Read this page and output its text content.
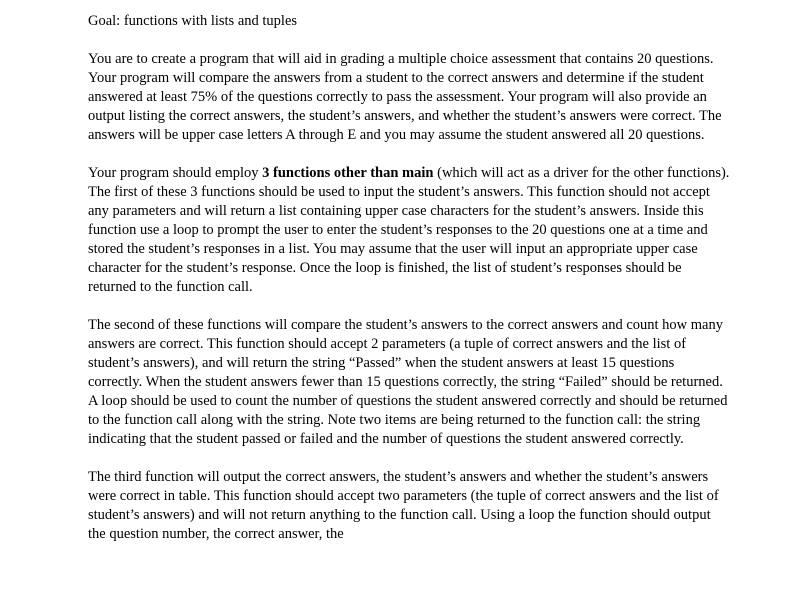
Goal: functions with lists and tuples

You are to create a program that will aid in grading a multiple choice assessment that contains 20 questions. Your program will compare the answers from a student to the correct answers and determine if the student answered at least 75% of the questions correctly to pass the assessment. Your program will also provide an output listing the correct answers, the student’s answers, and whether the student’s answers were correct. The answers will be upper case letters A through E and you may assume the student answered all 20 questions.

Your program should employ 3 functions other than main (which will act as a driver for the other functions). The first of these 3 functions should be used to input the student’s answers. This function should not accept any parameters and will return a list containing upper case characters for the student’s answers. Inside this function use a loop to prompt the user to enter the student’s responses to the 20 questions one at a time and stored the student’s responses in a list. You may assume that the user will input an appropriate upper case character for the student’s response. Once the loop is finished, the list of student’s responses should be returned to the function call.

The second of these functions will compare the student’s answers to the correct answers and count how many answers are correct. This function should accept 2 parameters (a tuple of correct answers and the list of student’s answers), and will return the string “Passed” when the student answers at least 15 questions correctly. When the student answers fewer than 15 questions correctly, the string “Failed” should be returned. A loop should be used to count the number of questions the student answered correctly and should be returned to the function call along with the string. Note two items are being returned to the function call: the string indicating that the student passed or failed and the number of questions the student answered correctly.

The third function will output the correct answers, the student’s answers and whether the student’s answers were correct in table. This function should accept two parameters (the tuple of correct answers and the list of student’s answers) and will not return anything to the function call. Using a loop the function should output the question number, the correct answer, the
